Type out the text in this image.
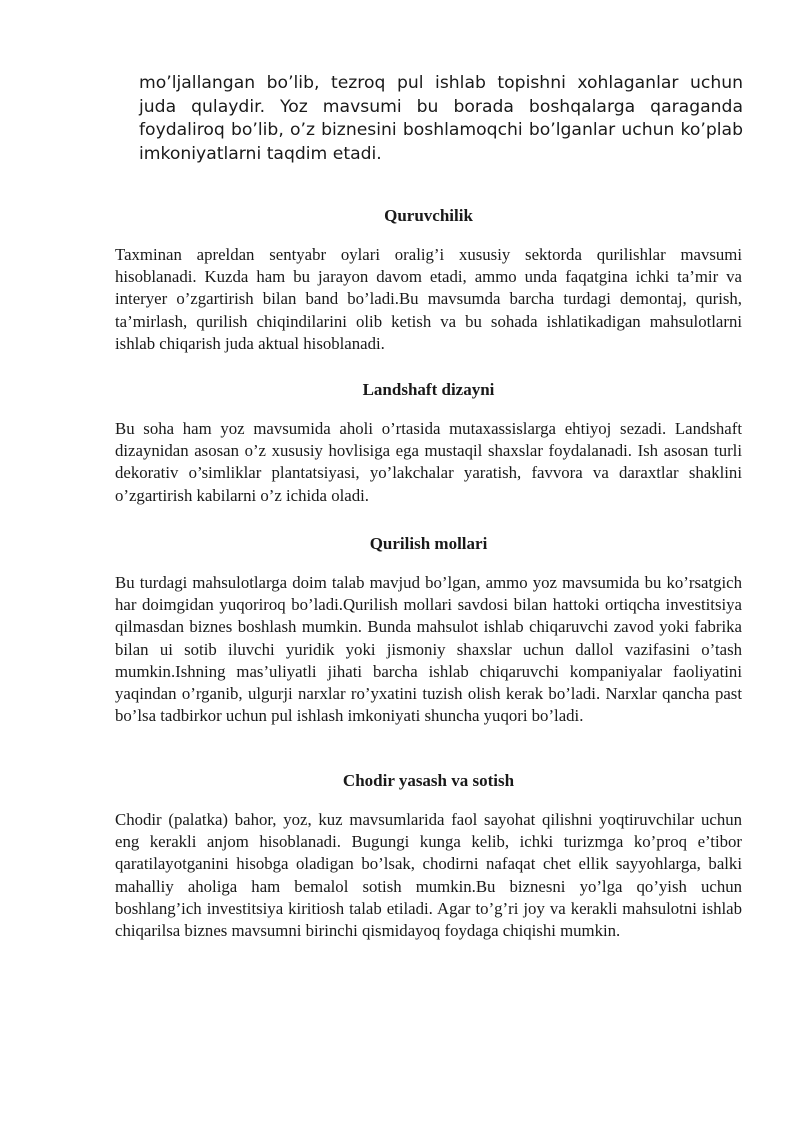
mo’ljallangan bo’lib, tezroq pul ishlab topishni xohlaganlar uchun juda qulaydir. Yoz mavsumi bu borada boshqalarga qaraganda foydaliroq bo’lib, o’z biznesini boshlamoqchi bo’lganlar uchun ko’plab imkoniyatlarni taqdim etadi.

Quruvchilik

Taxminan apreldan sentyabr oylari oralig’i xususiy sektorda qurilishlar mavsumi hisoblanadi. Kuzda ham bu jarayon davom etadi, ammo unda faqatgina ichki ta’mir va interyer o’zgartirish bilan band bo’ladi.Bu mavsumda barcha turdagi demontaj, qurish, ta’mirlash, qurilish chiqindilarini olib ketish va bu sohada ishlatikadigan mahsulotlarni ishlab chiqarish juda aktual hisoblanadi.

Landshaft dizayni

Bu soha ham yoz mavsumida aholi o’rtasida mutaxassislarga ehtiyoj sezadi. Landshaft dizaynidan asosan o’z xususiy hovlisiga ega mustaqil shaxslar foydalanadi. Ish asosan turli dekorativ o’simliklar plantatsiyasi, yo’lakchalar yaratish, favvora va daraxtlar shaklini o’zgartirish kabilarni o’z ichida oladi.

Qurilish mollari

Bu turdagi mahsulotlarga doim talab mavjud bo’lgan, ammo yoz mavsumida bu ko’rsatgich har doimgidan yuqoriroq bo’ladi.Qurilish mollari savdosi bilan hattoki ortiqcha investitsiya qilmasdan biznes boshlash mumkin. Bunda mahsulot ishlab chiqaruvchi zavod yoki fabrika bilan ui sotib iluvchi yuridik yoki jismoniy shaxslar uchun dallol vazifasini o’tash mumkin.Ishning mas’uliyatli jihati barcha ishlab chiqaruvchi kompaniyalar faoliyatini yaqindan o’rganib, ulgurji narxlar ro’yxatini tuzish olish kerak bo’ladi. Narxlar qancha past bo’lsa tadbirkor uchun pul ishlash imkoniyati shuncha yuqori bo’ladi.

Chodir yasash va sotish

Chodir (palatka) bahor, yoz, kuz mavsumlarida faol sayohat qilishni yoqtiruvchilar uchun eng kerakli anjom hisoblanadi. Bugungi kunga kelib, ichki turizmga ko’proq e’tibor qaratilayotganini hisobga oladigan bo’lsak, chodirni nafaqat chet ellik sayyohlarga, balki mahalliy aholiga ham bemalol sotish mumkin.Bu biznesni yo’lga qo’yish uchun boshlang’ich investitsiya kiritiosh talab etiladi. Agar to’g’ri joy va kerakli mahsulotni ishlab chiqarilsa biznes mavsumni birinchi qismidayoq foydaga chiqishi mumkin.
